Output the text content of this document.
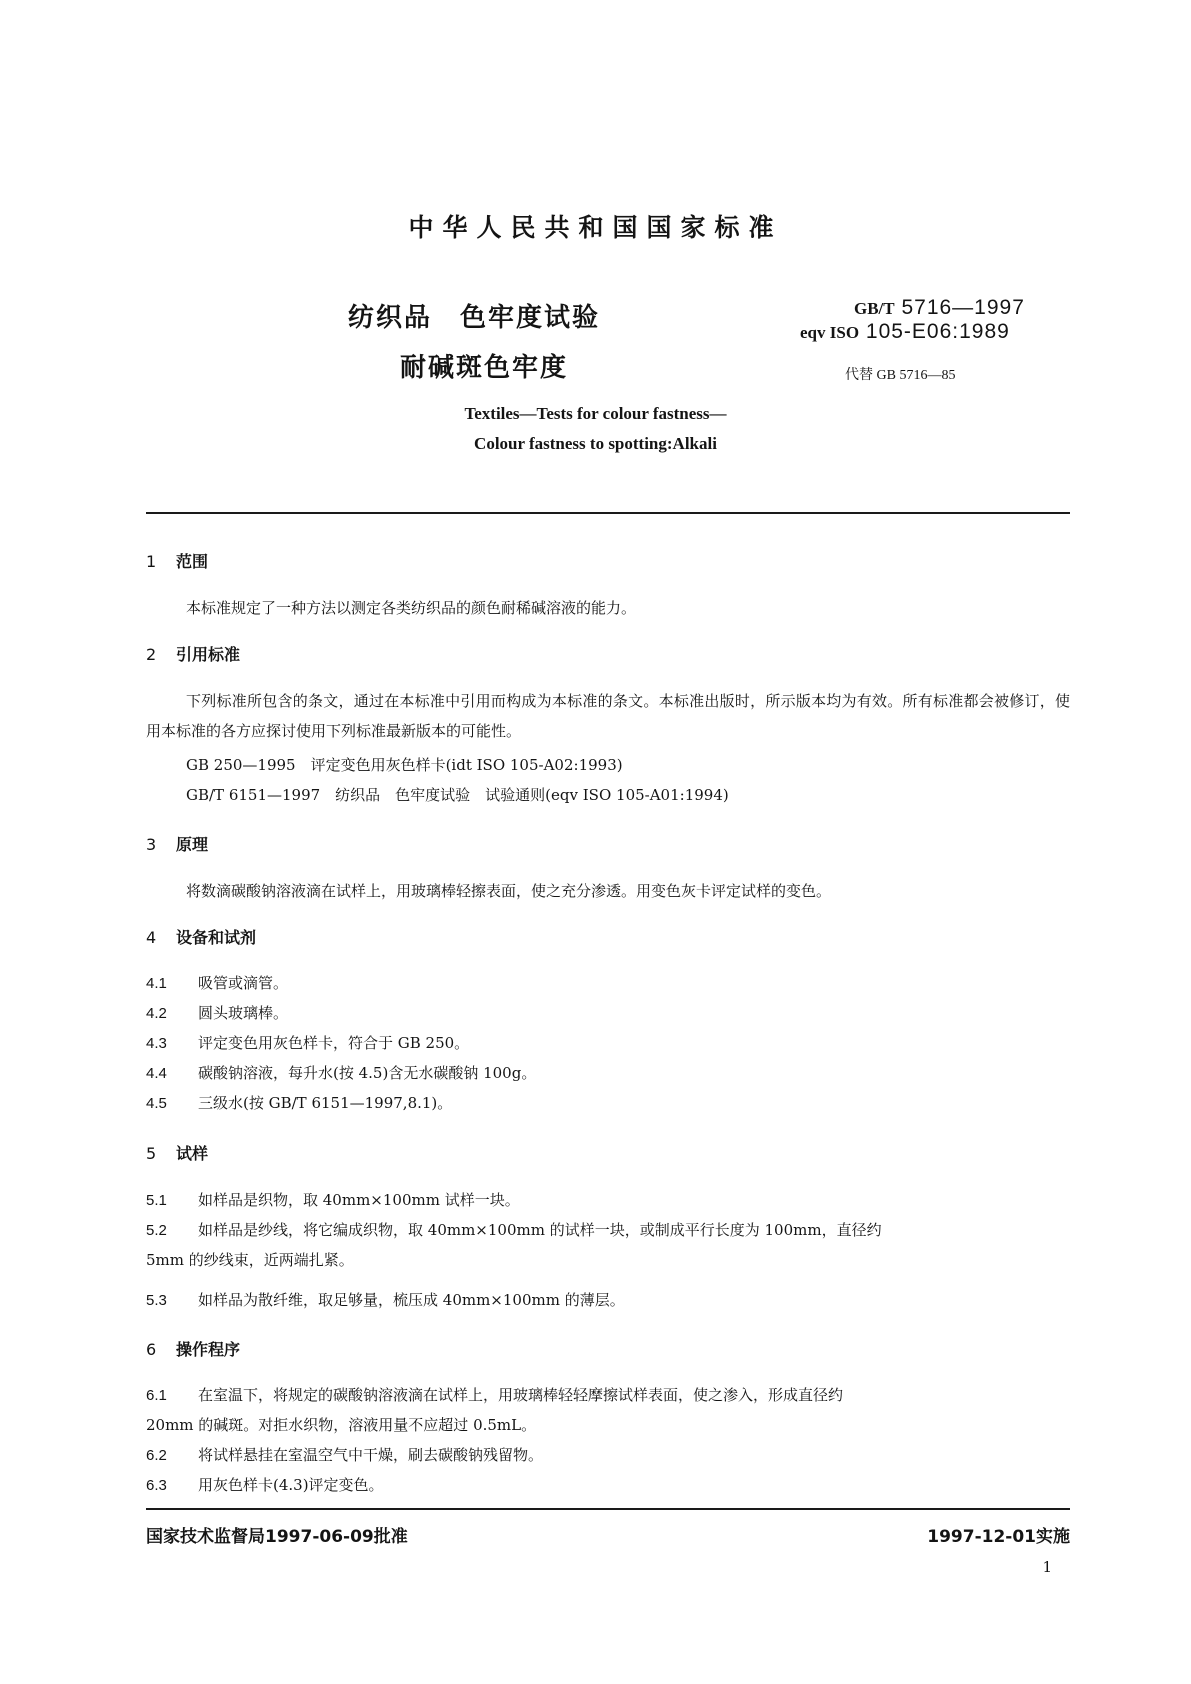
中华人民共和国国家标准
纺织品　色牢度试验
耐碱斑色牢度
GB/T 5716—1997
eqv ISO 105-E06:1989
代替 GB 5716—85
Textiles—Tests for colour fastness—
Colour fastness to spotting:Alkali
1 范围
本标准规定了一种方法以测定各类纺织品的颜色耐稀碱溶液的能力。
2 引用标准
下列标准所包含的条文，通过在本标准中引用而构成为本标准的条文。本标准出版时，所示版本均为有效。所有标准都会被修订，使用本标准的各方应探讨使用下列标准最新版本的可能性。
GB 250—1995　评定变色用灰色样卡(idt ISO 105-A02:1993)
GB/T 6151—1997　纺织品　色牢度试验　试验通则(eqv ISO 105-A01:1994)
3 原理
将数滴碳酸钠溶液滴在试样上，用玻璃棒轻擦表面，使之充分渗透。用变色灰卡评定试样的变色。
4 设备和试剂
4.1 吸管或滴管。
4.2 圆头玻璃棒。
4.3 评定变色用灰色样卡，符合于 GB 250。
4.4 碳酸钠溶液，每升水(按 4.5)含无水碳酸钠 100g。
4.5 三级水(按 GB/T 6151—1997,8.1)。
5 试样
5.1 如样品是织物，取 40mm×100mm 试样一块。
5.2 如样品是纱线，将它编成织物，取 40mm×100mm 的试样一块，或制成平行长度为 100mm，直径约
5mm 的纱线束，近两端扎紧。
5.3 如样品为散纤维，取足够量，梳压成 40mm×100mm 的薄层。
6 操作程序
6.1 在室温下，将规定的碳酸钠溶液滴在试样上，用玻璃棒轻轻摩擦试样表面，使之渗入，形成直径约
20mm 的碱斑。对拒水织物，溶液用量不应超过 0.5mL。
6.2 将试样悬挂在室温空气中干燥，刷去碳酸钠残留物。
6.3 用灰色样卡(4.3)评定变色。
国家技术监督局1997-06-09批准	1997-12-01实施
1
